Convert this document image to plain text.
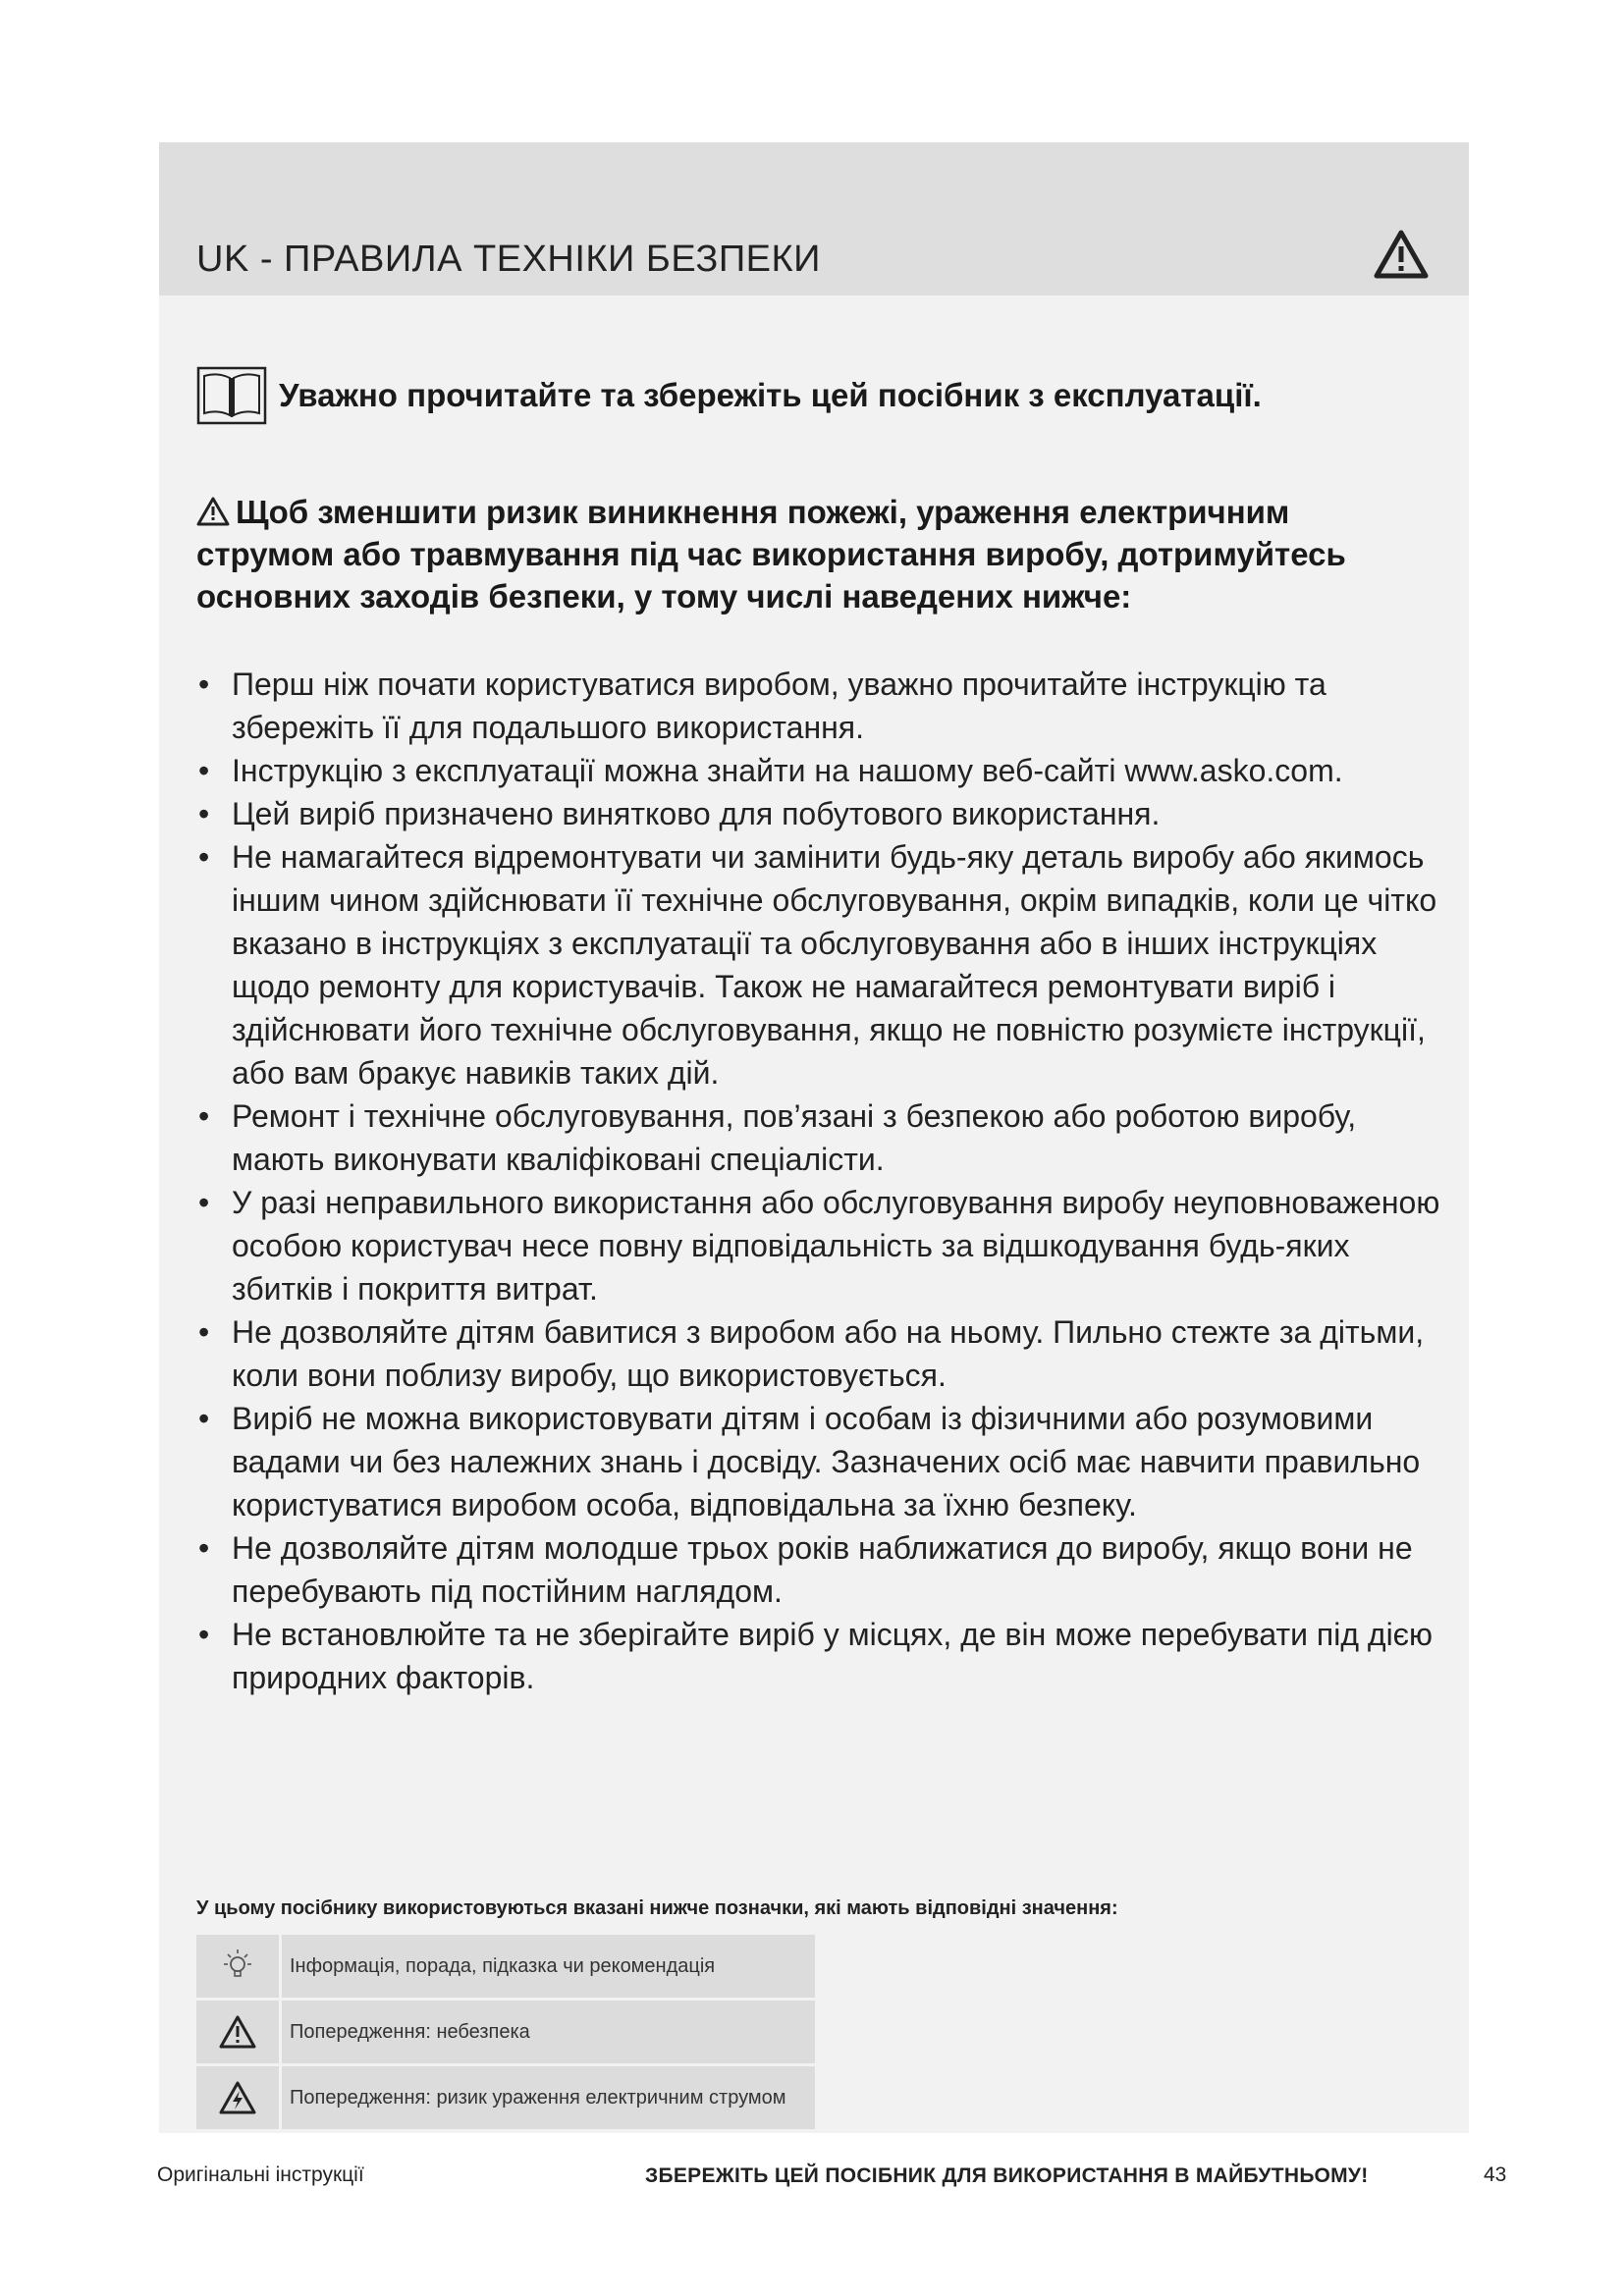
UK - ПРАВИЛА ТЕХНІКИ БЕЗПЕКИ
Уважно прочитайте та збережіть цей посібник з експлуатації.
Щоб зменшити ризик виникнення пожежі, ураження електричним струмом або травмування під час використання виробу, дотримуйтесь основних заходів безпеки, у тому числі наведених нижче:
• Перш ніж почати користуватися виробом, уважно прочитайте інструкцію та збережіть її для подальшого використання.
• Інструкцію з експлуатації можна знайти на нашому веб-сайті www.asko.com.
• Цей виріб призначено винятково для побутового використання.
• Не намагайтеся відремонтувати чи замінити будь-яку деталь виробу або якимось іншим чином здійснювати її технічне обслуговування, окрім випадків, коли це чітко вказано в інструкціях з експлуатації та обслуговування або в інших інструкціях щодо ремонту для користувачів. Також не намагайтеся ремонтувати виріб і здійснювати його технічне обслуговування, якщо не повністю розумієте інструкції, або вам бракує навиків таких дій.
• Ремонт і технічне обслуговування, пов’язані з безпекою або роботою виробу, мають виконувати кваліфіковані спеціалісти.
• У разі неправильного використання або обслуговування виробу неуповноваженою особою користувач несе повну відповідальність за відшкодування будь-яких збитків і покриття витрат.
• Не дозволяйте дітям бавитися з виробом або на ньому. Пильно стежте за дітьми, коли вони поблизу виробу, що використовується.
• Виріб не можна використовувати дітям і особам із фізичними або розумовими вадами чи без належних знань і досвіду. Зазначених осіб має навчити правильно користуватися виробом особа, відповідальна за їхню безпеку.
• Не дозволяйте дітям молодше трьох років наближатися до виробу, якщо вони не перебувають під постійним наглядом.
• Не встановлюйте та не зберігайте виріб у місцях, де він може перебувати під дією природних факторів.
У цьому посібнику використовуються вказані нижче позначки, які мають відповідні значення:
Інформація, порада, підказка чи рекомендація
Попередження: небезпека
Попередження: ризик ураження електричним струмом
Оригінальні інструкції	ЗБЕРЕЖІТЬ ЦЕЙ ПОСІБНИК ДЛЯ ВИКОРИСТАННЯ В МАЙБУТНЬОМУ!	43
